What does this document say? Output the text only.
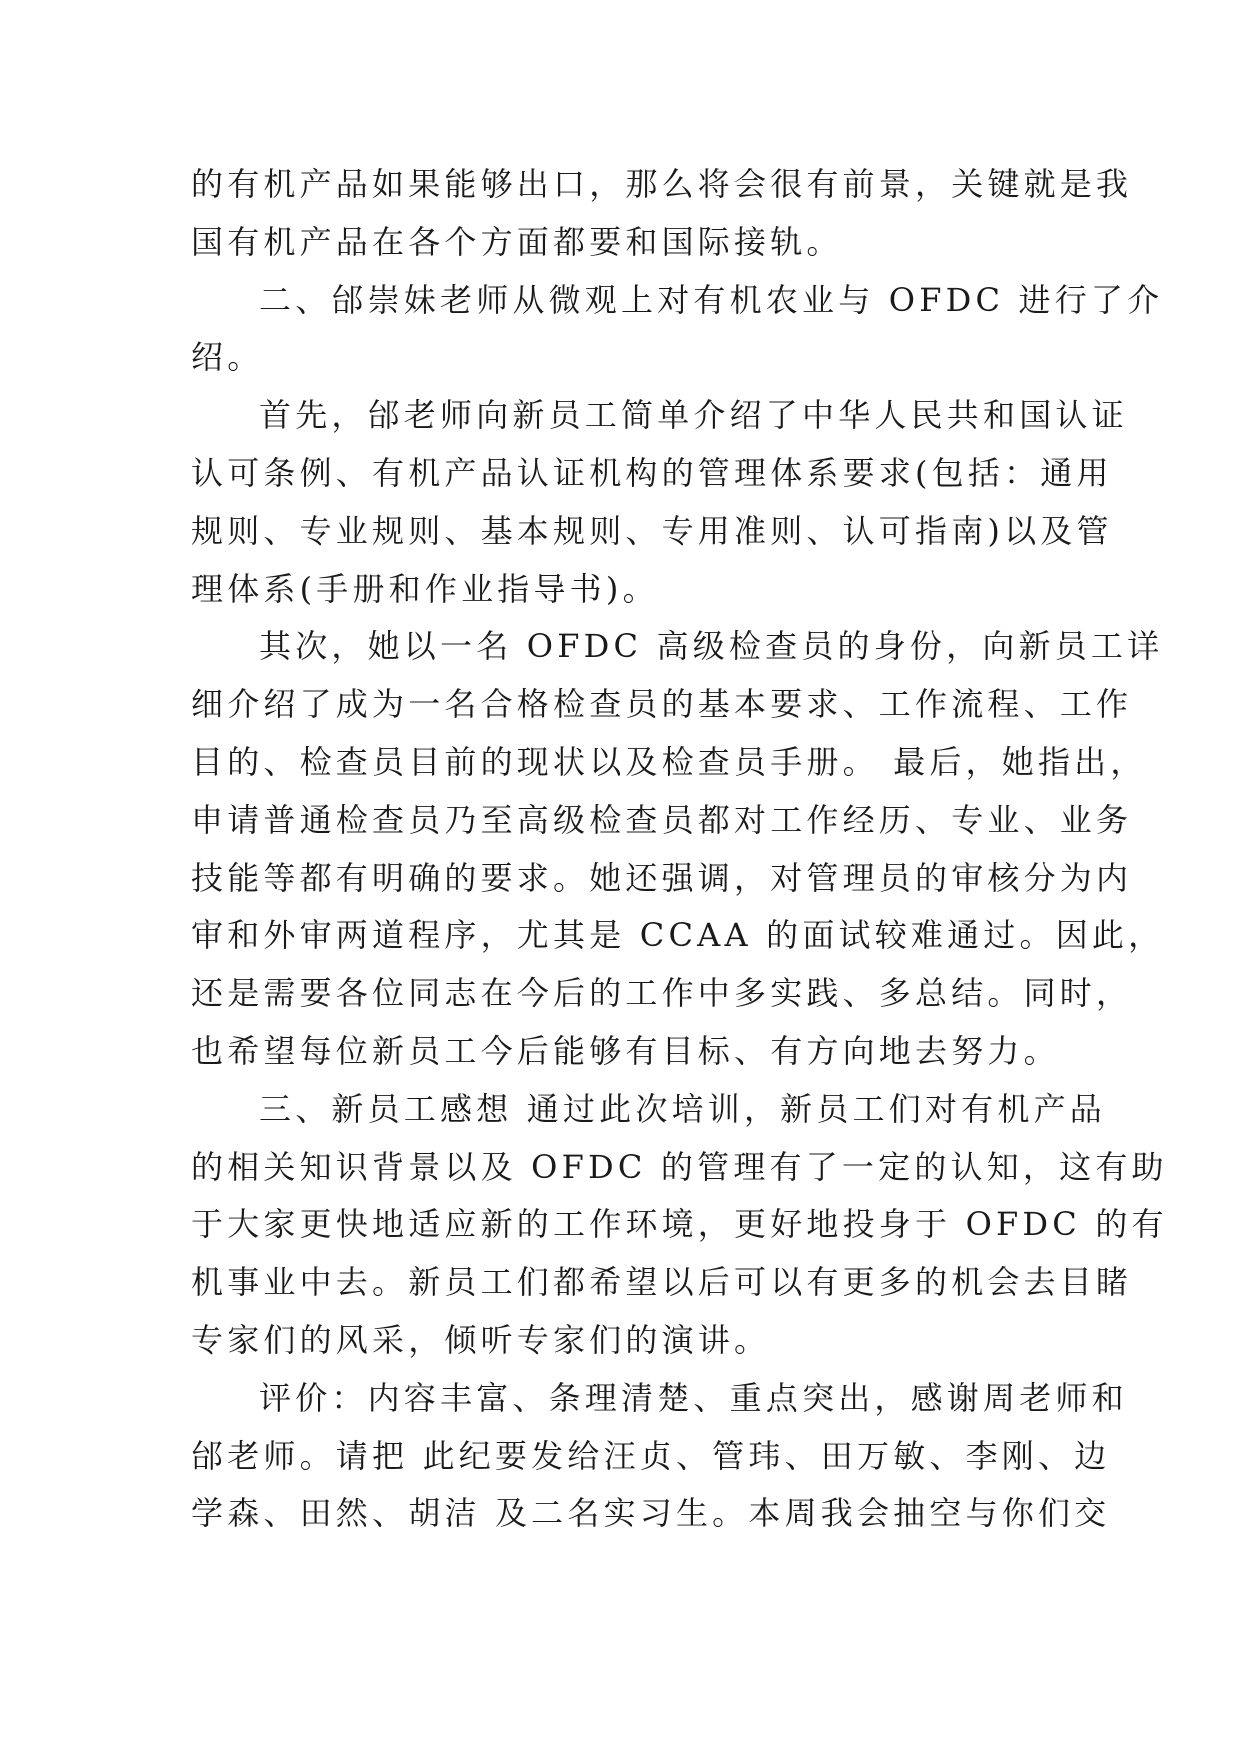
的有机产品如果能够出口，那么将会很有前景，关键就是我
国有机产品在各个方面都要和国际接轨。
二、邰崇妹老师从微观上对有机农业与 OFDC 进行了介
绍。
首先，邰老师向新员工简单介绍了中华人民共和国认证
认可条例、有机产品认证机构的管理体系要求(包括：通用
规则、专业规则、基本规则、专用准则、认可指南)以及管
理体系(手册和作业指导书)。
其次，她以一名 OFDC 高级检查员的身份，向新员工详
细介绍了成为一名合格检查员的基本要求、工作流程、工作
目的、检查员目前的现状以及检查员手册。 最后，她指出，
申请普通检查员乃至高级检查员都对工作经历、专业、业务
技能等都有明确的要求。她还强调，对管理员的审核分为内
审和外审两道程序，尤其是 CCAA 的面试较难通过。因此，
还是需要各位同志在今后的工作中多实践、多总结。同时，
也希望每位新员工今后能够有目标、有方向地去努力。
三、新员工感想 通过此次培训，新员工们对有机产品
的相关知识背景以及 OFDC 的管理有了一定的认知，这有助
于大家更快地适应新的工作环境，更好地投身于 OFDC 的有
机事业中去。新员工们都希望以后可以有更多的机会去目睹
专家们的风采，倾听专家们的演讲。
评价：内容丰富、条理清楚、重点突出，感谢周老师和
邰老师。请把 此纪要发给汪贞、管玮、田万敏、李刚、边
学森、田然、胡洁 及二名实习生。本周我会抽空与你们交
